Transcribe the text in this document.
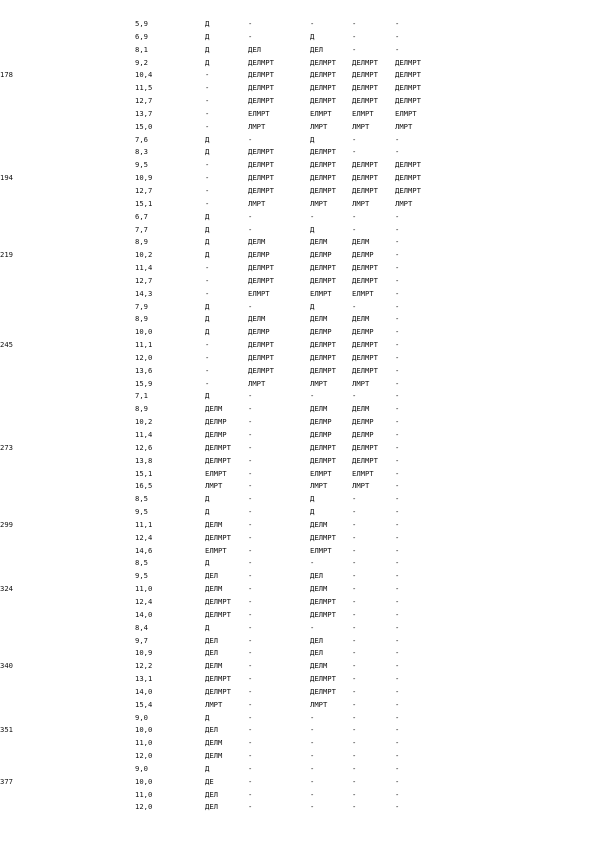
	5,9	Д	-	-	-	-
	6,9	Д	-	Д	-	-
	8,1	Д	ДЕЛ	ДЕЛ	-	-
	9,2	Д	ДЕЛМРТ	ДЕЛМРТ	ДЕЛМРТ	ДЕЛМРТ
178	10,4	-	ДЕЛМРТ	ДЕЛМРТ	ДЕЛМРТ	ДЕЛМРТ
	11,5	-	ДЕЛМРТ	ДЕЛМРТ	ДЕЛМРТ	ДЕЛМРТ
	12,7	-	ДЕЛМРТ	ДЕЛМРТ	ДЕЛМРТ	ДЕЛМРТ
	13,7	-	ЕЛМРТ	ЕЛМРТ	ЕЛМРТ	ЕЛМРТ
	15,0	-	ЛМРТ	ЛМРТ	ЛМРТ	ЛМРТ
	7,6	Д	-	Д	-	-
	8,3	Д	ДЕЛМРТ	ДЕЛМРТ	-	-
	9,5	-	ДЕЛМРТ	ДЕЛМРТ	ДЕЛМРТ	ДЕЛМРТ
194	10,9	-	ДЕЛМРТ	ДЕЛМРТ	ДЕЛМРТ	ДЕЛМРТ
	12,7	-	ДЕЛМРТ	ДЕЛМРТ	ДЕЛМРТ	ДЕЛМРТ
	15,1	-	ЛМРТ	ЛМРТ	ЛМРТ	ЛМРТ
	6,7	Д	-	-	-	-
	7,7	Д	-	Д	-	-
	8,9	Д	ДЕЛМ	ДЕЛМ	ДЕЛМ	-
219	10,2	Д	ДЕЛМР	ДЕЛМР	ДЕЛМР	-
	11,4	-	ДЕЛМРТ	ДЕЛМРТ	ДЕЛМРТ	-
	12,7	-	ДЕЛМРТ	ДЕЛМРТ	ДЕЛМРТ	-
	14,3	-	ЕЛМРТ	ЕЛМРТ	ЕЛМРТ	-
	7,9	Д	-	Д	-	-
	8,9	Д	ДЕЛМ	ДЕЛМ	ДЕЛМ	-
	10,0	Д	ДЕЛМР	ДЕЛМР	ДЕЛМР	-
245	11,1	-	ДЕЛМРТ	ДЕЛМРТ	ДЕЛМРТ	-
	12,0	-	ДЕЛМРТ	ДЕЛМРТ	ДЕЛМРТ	-
	13,6	-	ДЕЛМРТ	ДЕЛМРТ	ДЕЛМРТ	-
	15,9	-	ЛМРТ	ЛМРТ	ЛМРТ	-
	7,1	Д	-	-	-	-
	8,9	ДЕЛМ	-	ДЕЛМ	ДЕЛМ	-
	10,2	ДЕЛМР	-	ДЕЛМР	ДЕЛМР	-
	11,4	ДЕЛМР	-	ДЕЛМР	ДЕЛМР	-
273	12,6	ДЕЛМРТ	-	ДЕЛМРТ	ДЕЛМРТ	-
	13,8	ДЕЛМРТ	-	ДЕЛМРТ	ДЕЛМРТ	-
	15,1	ЕЛМРТ	-	ЕЛМРТ	ЕЛМРТ	-
	16,5	ЛМРТ	-	ЛМРТ	ЛМРТ	-
	8,5	Д	-	Д	-	-
	9,5	Д	-	Д	-	-
299	11,1	ДЕЛМ	-	ДЕЛМ	-	-
	12,4	ДЕЛМРТ	-	ДЕЛМРТ	-	-
	14,6	ЕЛМРТ	-	ЕЛМРТ	-	-
	8,5	Д	-	-	-	-
	9,5	ДЕЛ	-	ДЕЛ	-	-
324	11,0	ДЕЛМ	-	ДЕЛМ	-	-
	12,4	ДЕЛМРТ	-	ДЕЛМРТ	-	-
	14,0	ДЕЛМРТ	-	ДЕЛМРТ	-	-
	8,4	Д	-	-	-	-
	9,7	ДЕЛ	-	ДЕЛ	-	-
	10,9	ДЕЛ	-	ДЕЛ	-	-
340	12,2	ДЕЛМ	-	ДЕЛМ	-	-
	13,1	ДЕЛМРТ	-	ДЕЛМРТ	-	-
	14,0	ДЕЛМРТ	-	ДЕЛМРТ	-	-
	15,4	ЛМРТ	-	ЛМРТ	-	-
	9,0	Д	-	-	-	-
351	10,0	ДЕЛ	-	-	-	-
	11,0	ДЕЛМ	-	-	-	-
	12,0	ДЕЛМ	-	-	-	-
	9,0	Д	-	-	-	-
377	10,0	ДЕ	-	-	-	-
	11,0	ДЕЛ	-	-	-	-
	12,0	ДЕЛ	-	-	-	-
